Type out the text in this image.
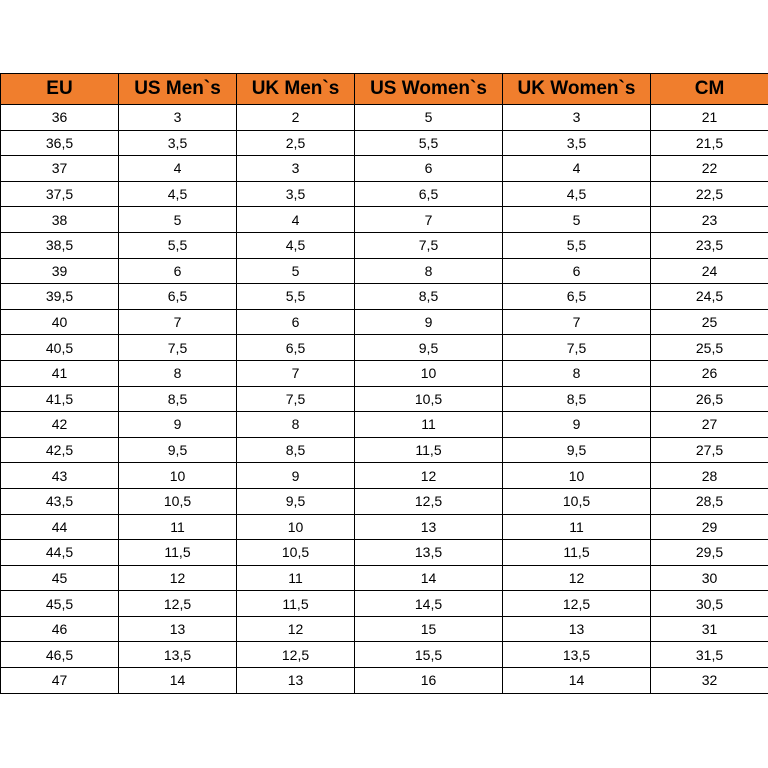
EU	US Men`s	UK Men`s	US Women`s	UK Women`s	CM
36	3	2	5	3	21
36,5	3,5	2,5	5,5	3,5	21,5
37	4	3	6	4	22
37,5	4,5	3,5	6,5	4,5	22,5
38	5	4	7	5	23
38,5	5,5	4,5	7,5	5,5	23,5
39	6	5	8	6	24
39,5	6,5	5,5	8,5	6,5	24,5
40	7	6	9	7	25
40,5	7,5	6,5	9,5	7,5	25,5
41	8	7	10	8	26
41,5	8,5	7,5	10,5	8,5	26,5
42	9	8	11	9	27
42,5	9,5	8,5	11,5	9,5	27,5
43	10	9	12	10	28
43,5	10,5	9,5	12,5	10,5	28,5
44	11	10	13	11	29
44,5	11,5	10,5	13,5	11,5	29,5
45	12	11	14	12	30
45,5	12,5	11,5	14,5	12,5	30,5
46	13	12	15	13	31
46,5	13,5	12,5	15,5	13,5	31,5
47	14	13	16	14	32
